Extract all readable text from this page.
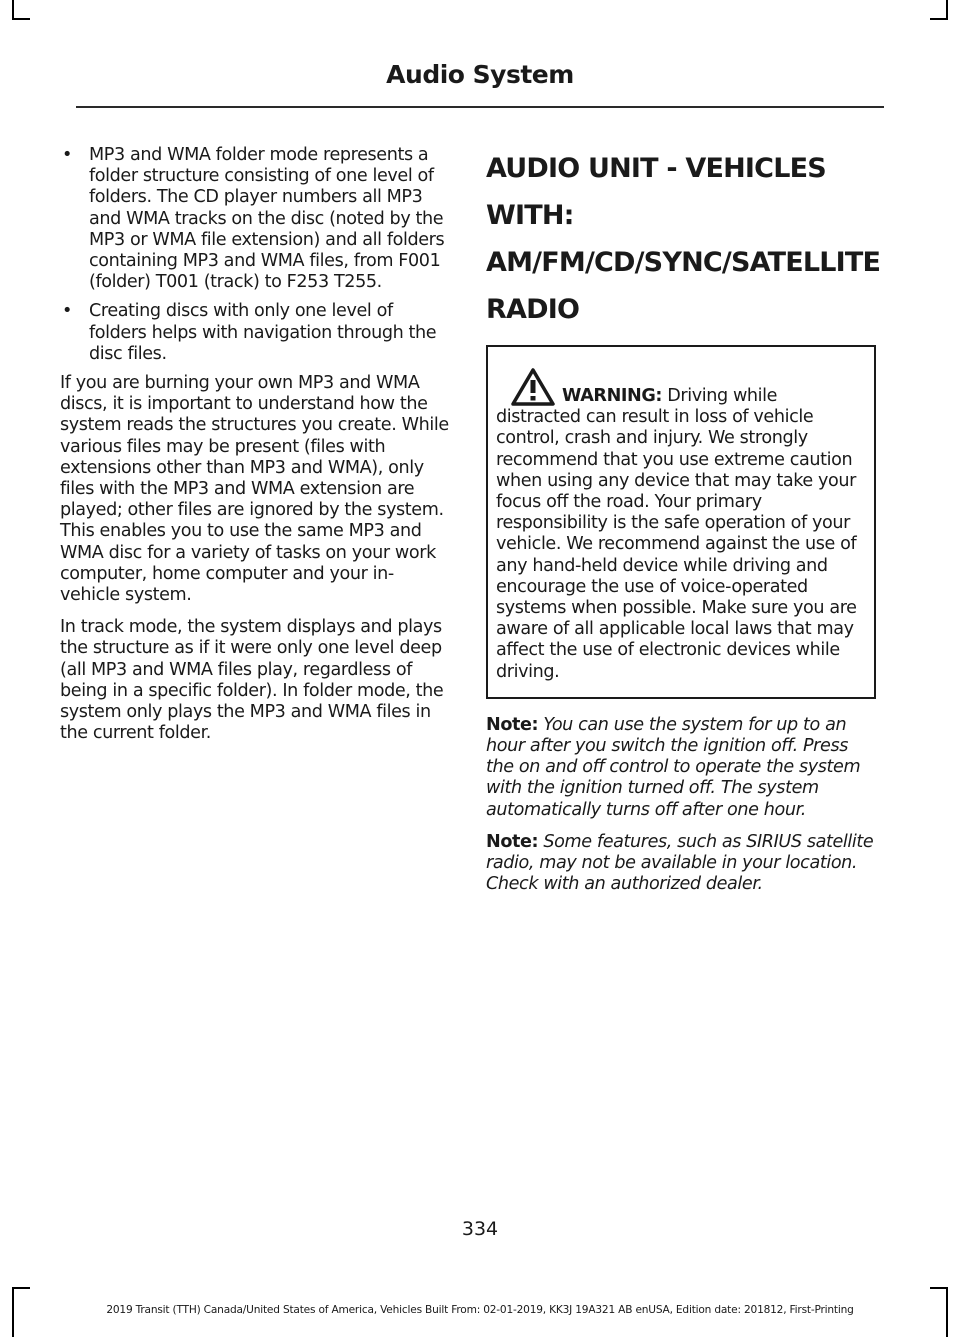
Audio System
• MP3 and WMA folder mode represents a folder structure consisting of one level of folders. The CD player numbers all MP3 and WMA tracks on the disc (noted by the MP3 or WMA file extension) and all folders containing MP3 and WMA files, from F001 (folder) T001 (track) to F253 T255.
• Creating discs with only one level of folders helps with navigation through the disc files.

If you are burning your own MP3 and WMA discs, it is important to understand how the system reads the structures you create. While various files may be present (files with extensions other than MP3 and WMA), only files with the MP3 and WMA extension are played; other files are ignored by the system. This enables you to use the same MP3 and WMA disc for a variety of tasks on your work computer, home computer and your in-vehicle system.

In track mode, the system displays and plays the structure as if it were only one level deep (all MP3 and WMA files play, regardless of being in a specific folder). In folder mode, the system only plays the MP3 and WMA files in the current folder.

AUDIO UNIT - VEHICLES WITH:
AM/FM/CD/SYNC/SATELLITE
RADIO
WARNING: Driving while distracted can result in loss of vehicle control, crash and injury. We strongly recommend that you use extreme caution when using any device that may take your focus off the road. Your primary responsibility is the safe operation of your vehicle. We recommend against the use of any hand-held device while driving and encourage the use of voice-operated systems when possible. Make sure you are aware of all applicable local laws that may affect the use of electronic devices while driving.

Note: You can use the system for up to an hour after you switch the ignition off. Press the on and off control to operate the system with the ignition turned off. The system automatically turns off after one hour.

Note: Some features, such as SIRIUS satellite radio, may not be available in your location. Check with an authorized dealer.

334
2019 Transit (TTH) Canada/United States of America, Vehicles Built From: 02-01-2019, KK3J 19A321 AB enUSA, Edition date: 201812, First-Printing
